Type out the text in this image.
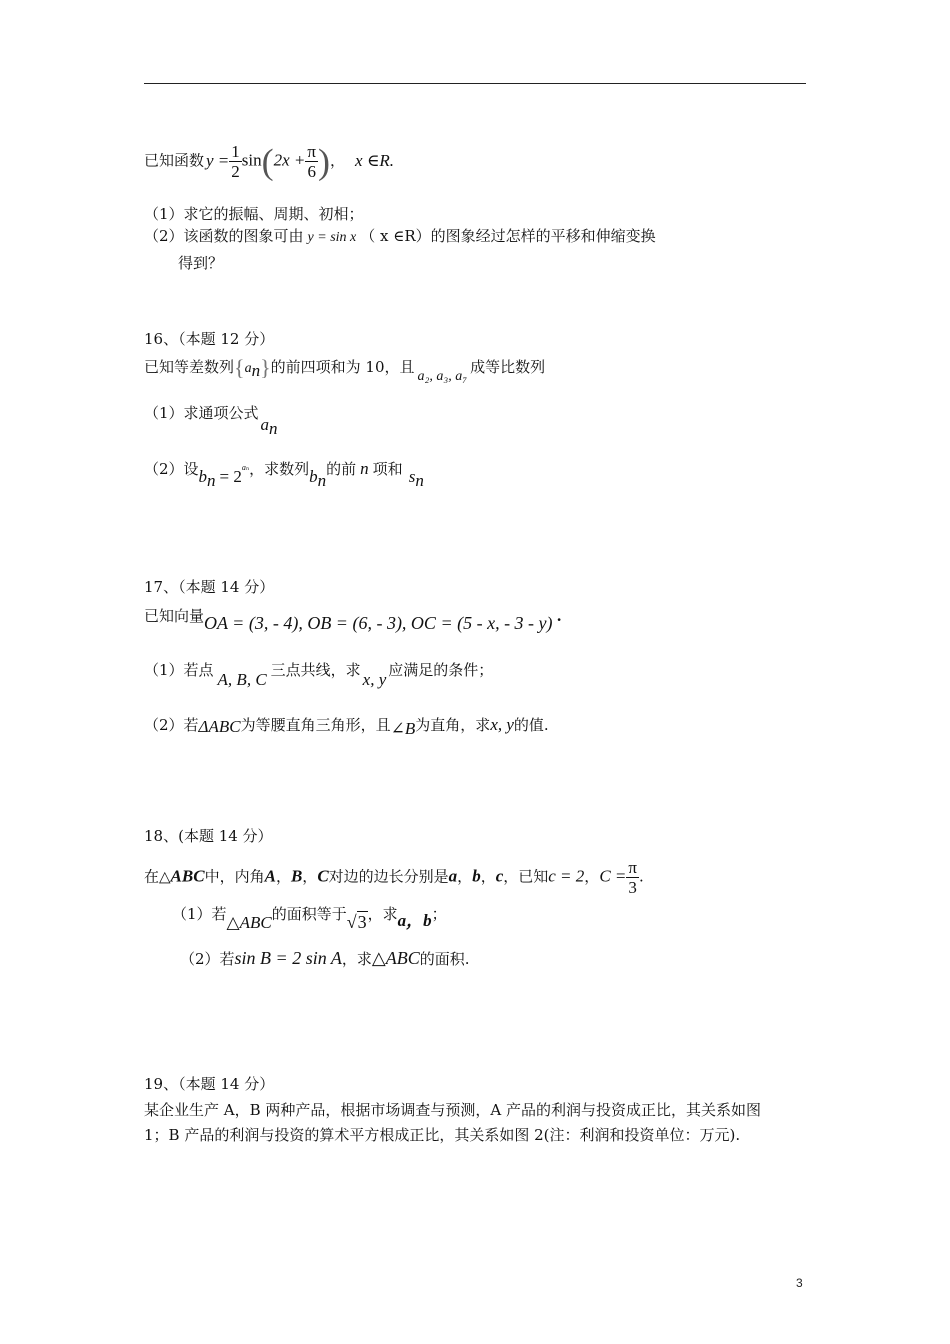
已知函数 $y = \frac{1}{2} \sin(2x + \frac{\pi}{6}$ )， x ∈R.
（1）求它的振幅、周期、初相；
（2）该函数的图象可由 y = sin x （ x ∈R）的图象经过怎样的平移和伸缩变换
得到？
16、（本题 12 分）
已知等差数列$\{a_n\}$的前四项和为 10，且a₂, a₃, a₇成等比数列
（1）求通项公式$a_n$
（2）设$b_n = 2^{a_n}$，求数列$b_n$的前 n 项和 $s_n$
17、（本题 14 分）
已知向量OA = (3, - 4), OB = (6, - 3), OC = (5 - x, - 3 - y) .
（1）若点 A, B, C 三点共线，求 x, y 应满足的条件；
（2）若ΔABC为等腰直角三角形，且∠B为直角，求x, y的值.
18、(本题 14 分）
在△ABC中，内角A，B，C对边的边长分别是a，b，c，已知c = 2，$C = \frac{\pi}{3}$ .
（1）若△ABC的面积等于√3，求a，b；
（2）若sin B = 2 sin A，求△ABC的面积.
19、（本题 14 分）
某企业生产 A，B 两种产品，根据市场调查与预测，A 产品的利润与投资成正比，其关系如图
1；B 产品的利润与投资的算术平方根成正比，其关系如图 2(注：利润和投资单位：万元).
3
